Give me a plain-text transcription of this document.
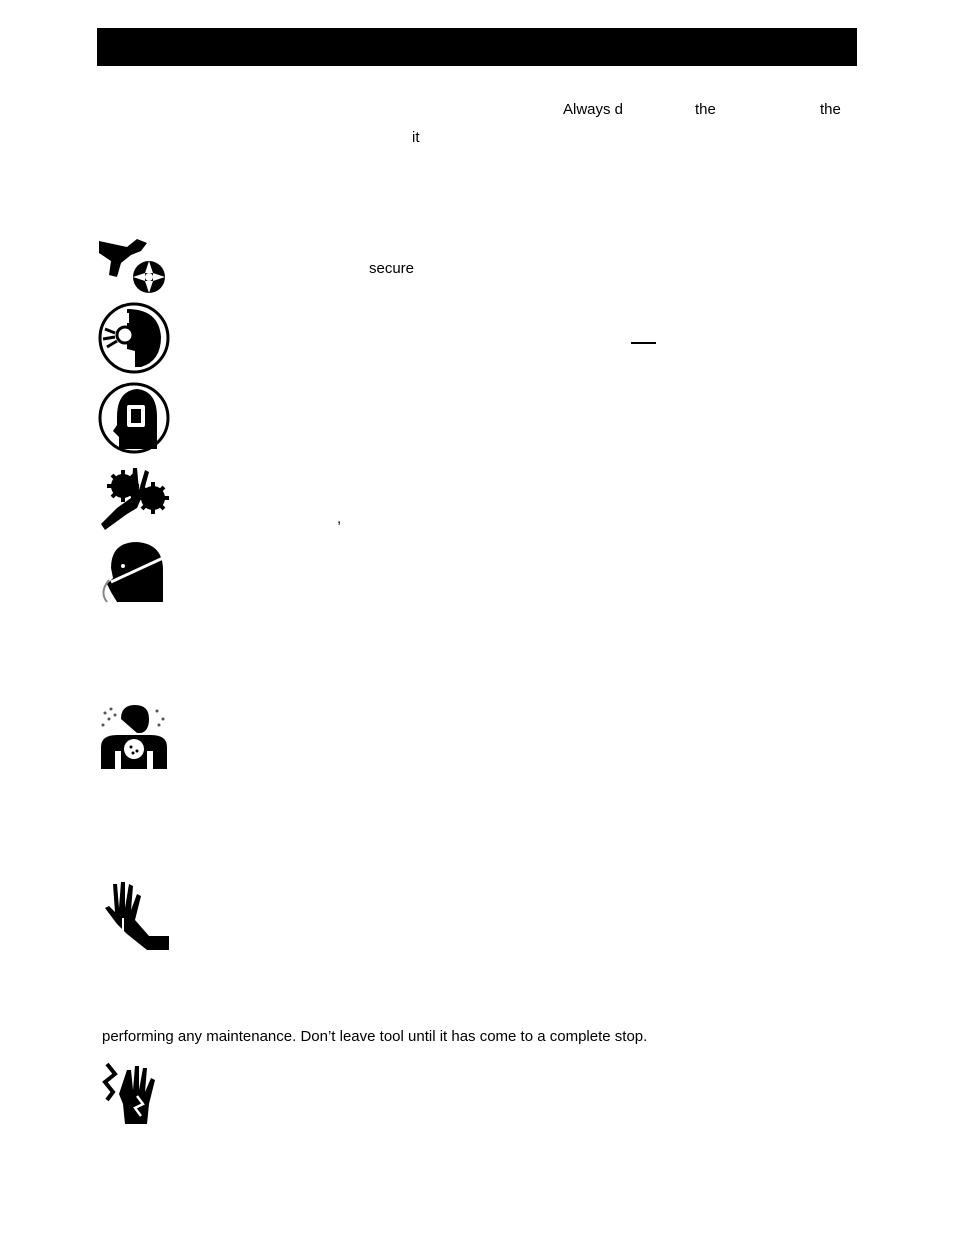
Always d	the	the
it
secure
,
performing any maintenance. Don’t leave tool until it has come to a complete stop.
